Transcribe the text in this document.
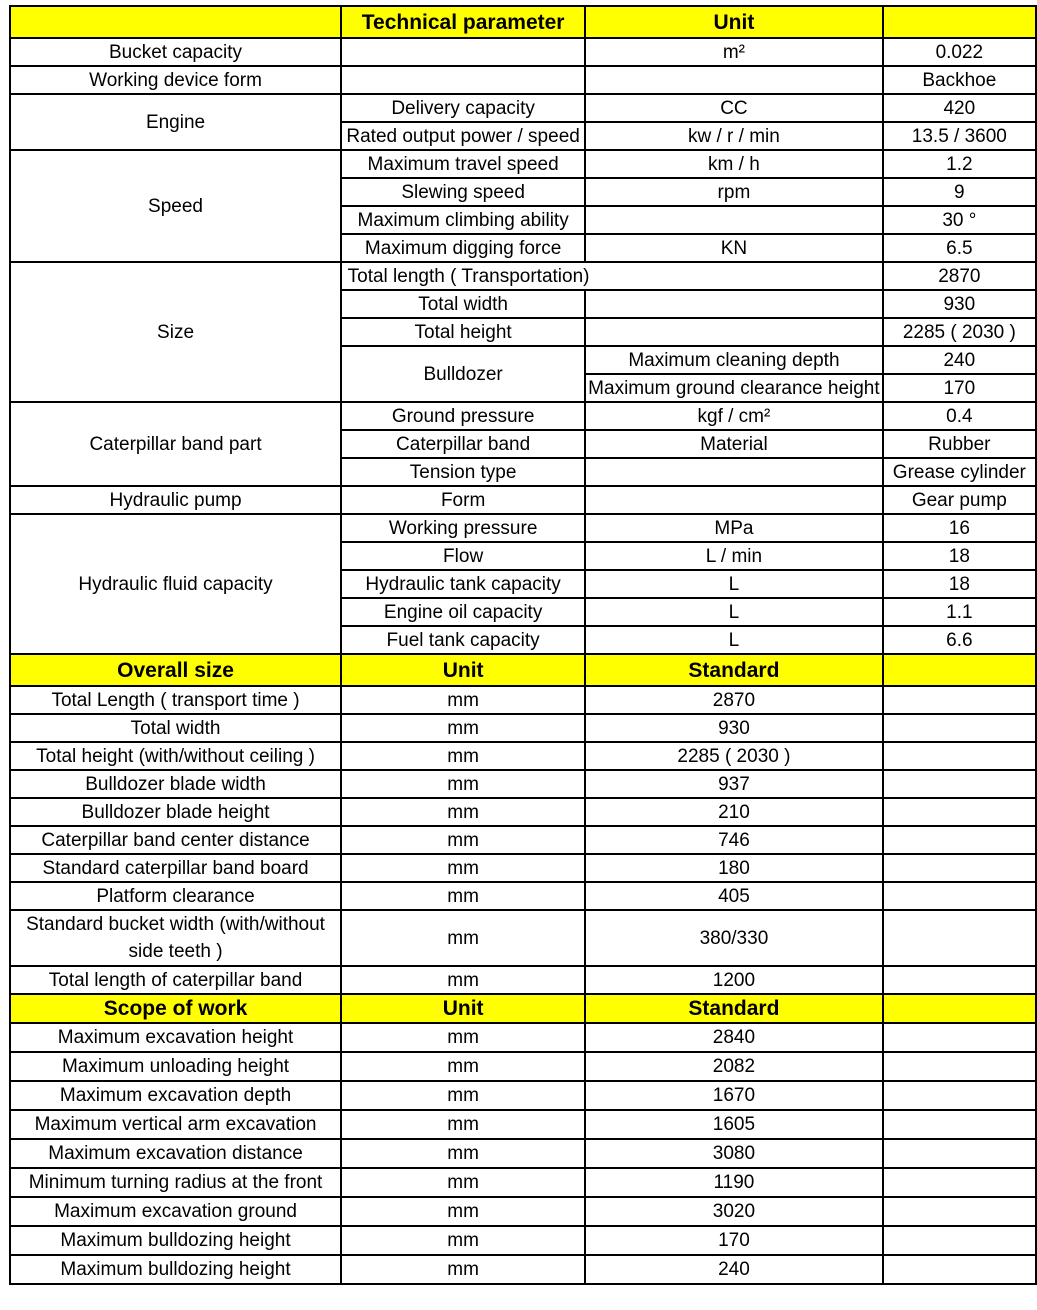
	Technical parameter	Unit	
Bucket capacity		m²	0.022
Working device form			Backhoe
Engine	Delivery capacity	CC	420
	Rated output power / speed	kw / r / min	13.5 / 3600
Speed	Maximum travel speed	km / h	1.2
	Slewing speed	rpm	9
	Maximum climbing ability		30 °
	Maximum digging force	KN	6.5
Size	Total length ( Transportation)		2870
	Total width		930
	Total height		2285 ( 2030 )
	Bulldozer	Maximum cleaning depth	240
		Maximum ground clearance height	170
Caterpillar band part	Ground pressure	kgf / cm²	0.4
	Caterpillar band	Material	Rubber
	Tension type		Grease cylinder
Hydraulic pump	Form		Gear pump
Hydraulic fluid capacity	Working pressure	MPa	16
	Flow	L / min	18
	Hydraulic tank capacity	L	18
	Engine oil capacity	L	1.1
	Fuel tank capacity	L	6.6
Overall size	Unit	Standard	
Total Length ( transport time )	mm	2870	
Total width	mm	930	
Total height (with/without ceiling )	mm	2285 ( 2030 )	
Bulldozer blade width	mm	937	
Bulldozer blade height	mm	210	
Caterpillar band center distance	mm	746	
Standard caterpillar band board	mm	180	
Platform clearance	mm	405	
Standard bucket width (with/without side teeth )	mm	380/330	
Total length of caterpillar band	mm	1200	
Scope of work	Unit	Standard	
Maximum excavation height	mm	2840	
Maximum unloading height	mm	2082	
Maximum excavation depth	mm	1670	
Maximum vertical arm excavation	mm	1605	
Maximum excavation distance	mm	3080	
Minimum turning radius at the front	mm	1190	
Maximum excavation ground	mm	3020	
Maximum bulldozing height	mm	170	
Maximum bulldozing height	mm	240	
